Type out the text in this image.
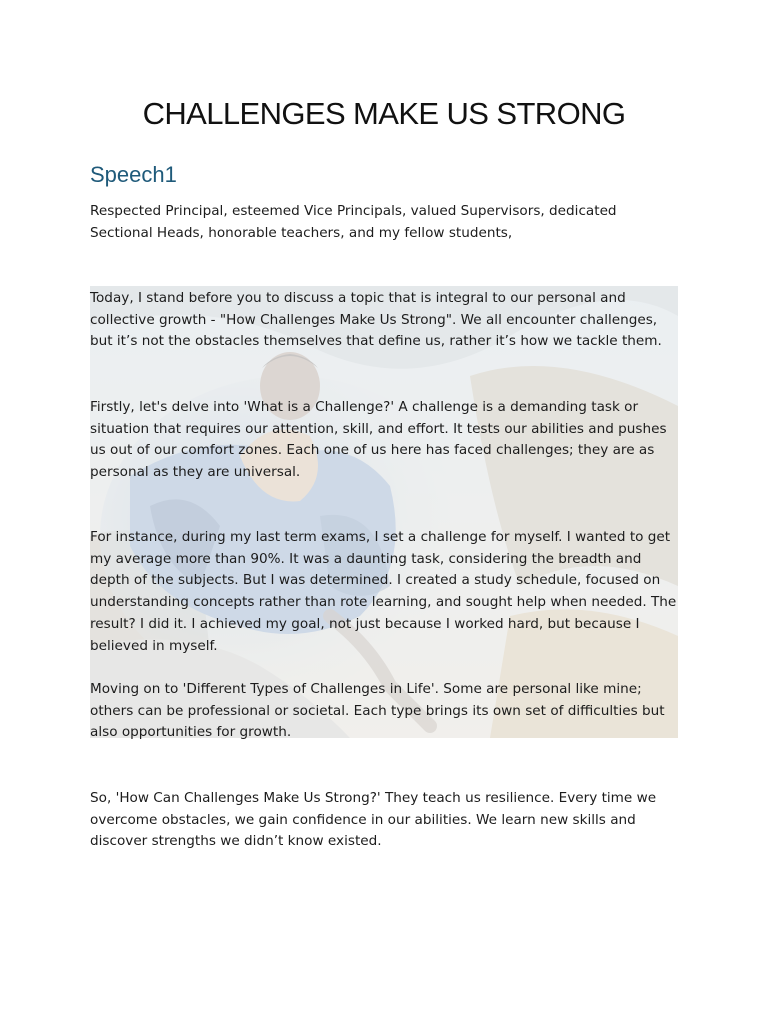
CHALLENGES MAKE US STRONG
Speech1

Respected Principal, esteemed Vice Principals, valued Supervisors, dedicated Sectional Heads, honorable teachers, and my fellow students,

Today, I stand before you to discuss a topic that is integral to our personal and collective growth - "How Challenges Make Us Strong". We all encounter challenges, but it’s not the obstacles themselves that define us, rather it’s how we tackle them.

Firstly, let's delve into 'What is a Challenge?' A challenge is a demanding task or situation that requires our attention, skill, and effort. It tests our abilities and pushes us out of our comfort zones. Each one of us here has faced challenges; they are as personal as they are universal.

For instance, during my last term exams, I set a challenge for myself. I wanted to get my average more than 90%. It was a daunting task, considering the breadth and depth of the subjects. But I was determined. I created a study schedule, focused on understanding concepts rather than rote learning, and sought help when needed. The result? I did it. I achieved my goal, not just because I worked hard, but because I believed in myself.

Moving on to 'Different Types of Challenges in Life'. Some are personal like mine; others can be professional or societal. Each type brings its own set of difficulties but also opportunities for growth.

So, 'How Can Challenges Make Us Strong?' They teach us resilience. Every time we overcome obstacles, we gain confidence in our abilities. We learn new skills and discover strengths we didn’t know existed.
